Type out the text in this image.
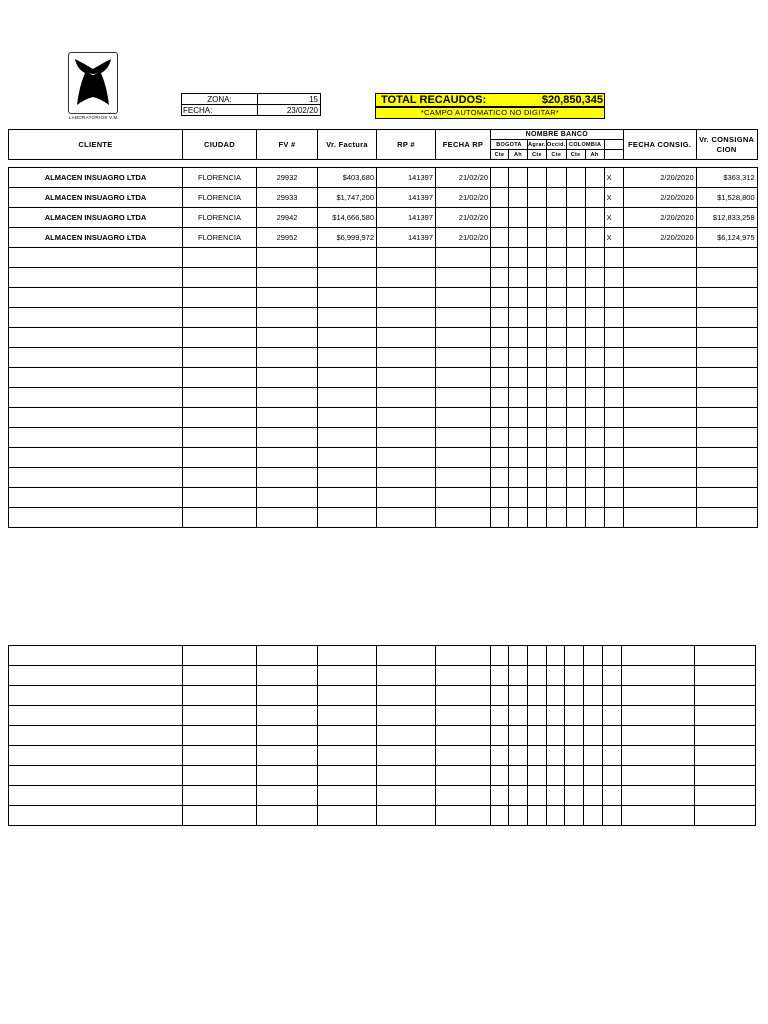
LABORATORIOS V.M.
ZONA:	15
FECHA:	23/02/20
TOTAL RECAUDOS:	$20,850,345
*CAMPO AUTOMATICO NO DIGITAR*
CLIENTE	CIUDAD	FV #	Vr. Factura	RP #	FECHA RP	NOMBRE BANCO							FECHA CONSIG.	Vr. CONSIGNA
CION
						BOGOTA		Agrar.	Occid.	COLOMBIA				
						Cte	Ah	Cte	Cte	Cte	Ah			

ALMACEN INSUAGRO LTDA	FLORENCIA	29932	$403,680	141397	21/02/20							X	2/20/2020	$363,312
ALMACEN INSUAGRO LTDA	FLORENCIA	29933	$1,747,200	141397	21/02/20							X	2/20/2020	$1,528,800
ALMACEN INSUAGRO LTDA	FLORENCIA	29942	$14,666,580	141397	21/02/20							X	2/20/2020	$12,833,258
ALMACEN INSUAGRO LTDA	FLORENCIA	29952	$6,999,972	141397	21/02/20							X	2/20/2020	$6,124,975
